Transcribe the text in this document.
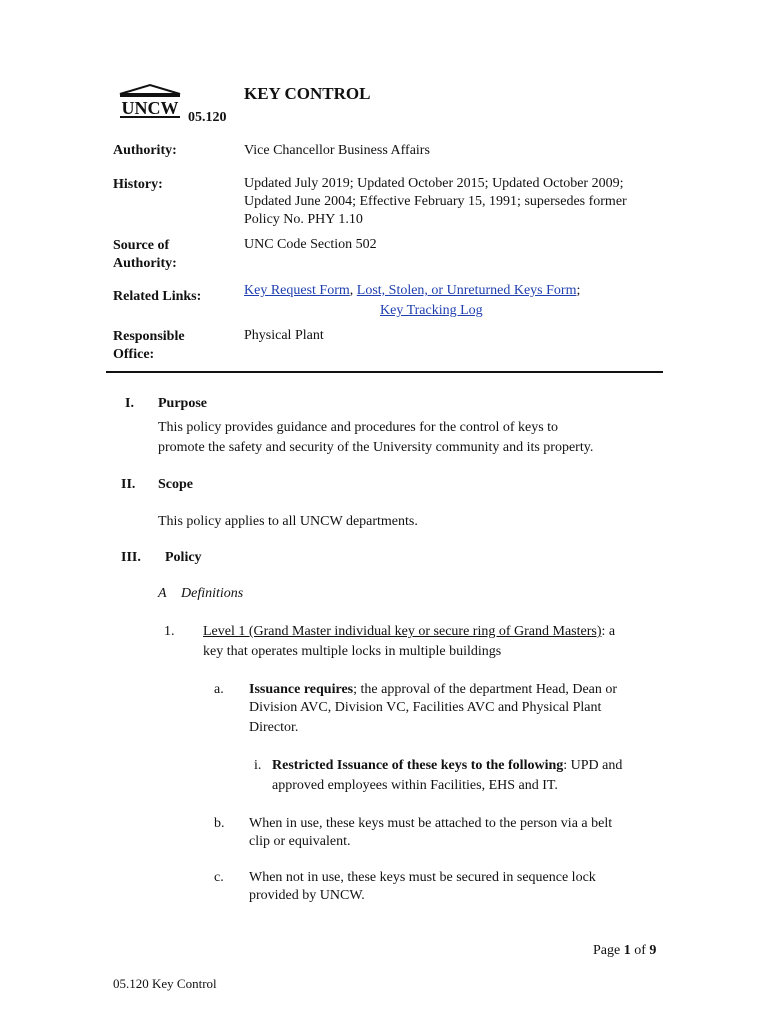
UNCW 05.120
KEY CONTROL
Authority:	Vice Chancellor Business Affairs
History:	Updated July 2019; Updated October 2015; Updated October 2009;
Updated June 2004; Effective February 15, 1991; supersedes former
Policy No. PHY 1.10
Source of
Authority:
UNC Code Section 502
Related Links:	Key Request Form, Lost, Stolen, or Unreturned Keys Form;
Key Tracking Log
Responsible
Office:
Physical Plant
I. Purpose
This policy provides guidance and procedures for the control of keys to
promote the safety and security of the University community and its property.
II. Scope
This policy applies to all UNCW departments.
III. Policy
A Definitions
1. Level 1 (Grand Master individual key or secure ring of Grand Masters): a
key that operates multiple locks in multiple buildings
a. Issuance requires; the approval of the department Head, Dean or
Division AVC, Division VC, Facilities AVC and Physical Plant
Director.
i. Restricted Issuance of these keys to the following: UPD and
approved employees within Facilities, EHS and IT.
b. When in use, these keys must be attached to the person via a belt
clip or equivalent.
c. When not in use, these keys must be secured in sequence lock
provided by UNCW.
Page 1 of 9
05.120 Key Control
